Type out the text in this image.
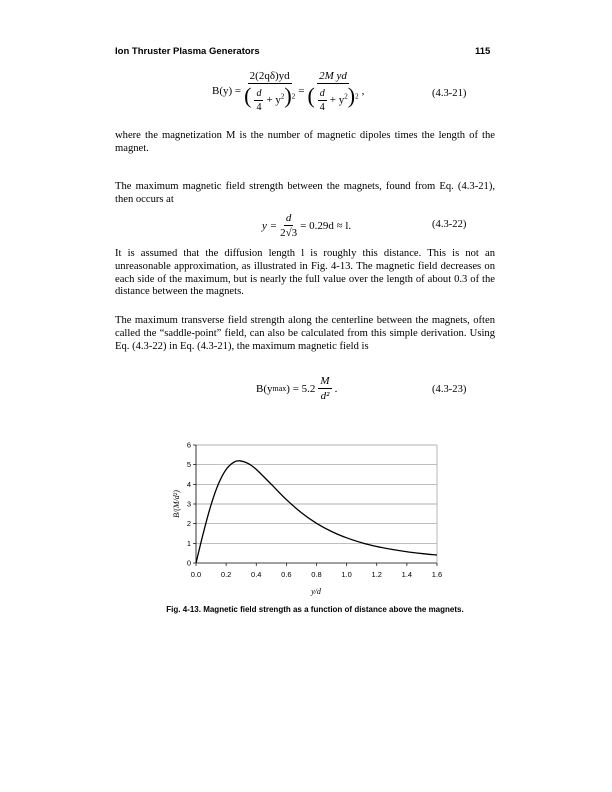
Ion Thruster Plasma Generators	115
$B(y) = \frac{2(2q\delta)yd}{( \frac{d}{4} + y^2)^2} = \frac{\text{2M yd}}{( \frac{d}{4} + y^2)^2}$ ,	(4.3-21)
where the magnetization M is the number of magnetic dipoles times the length of the magnet.
The maximum magnetic field strength between the magnets, found from Eq. (4.3-21), then occurs at
$y = \frac{d}{2√3} = 0.29d \approx l$.	(4.3-22)
It is assumed that the diffusion length l is roughly this distance. This is not an unreasonable approximation, as illustrated in Fig. 4-13. The magnetic field decreases on each side of the maximum, but is nearly the full value over the length of about 0.3 of the distance between the magnets.
The maximum transverse field strength along the centerline between the magnets, often called the “saddle-point” field, can also be calculated from this simple derivation. Using Eq. (4.3-22) in Eq. (4.3-21), the maximum magnetic field is
B(y max ) = $5.2 \frac{M}{\text{d²}}$ .	(4.3-23)
0
1
2
3
4
5
6
0.0	0.2	0.4	0.6	0.8	1.0	1.2	1.4	1.6
y/d
B/(M/d²)
Fig. 4-13. Magnetic field strength as a function of distance above the magnets.
